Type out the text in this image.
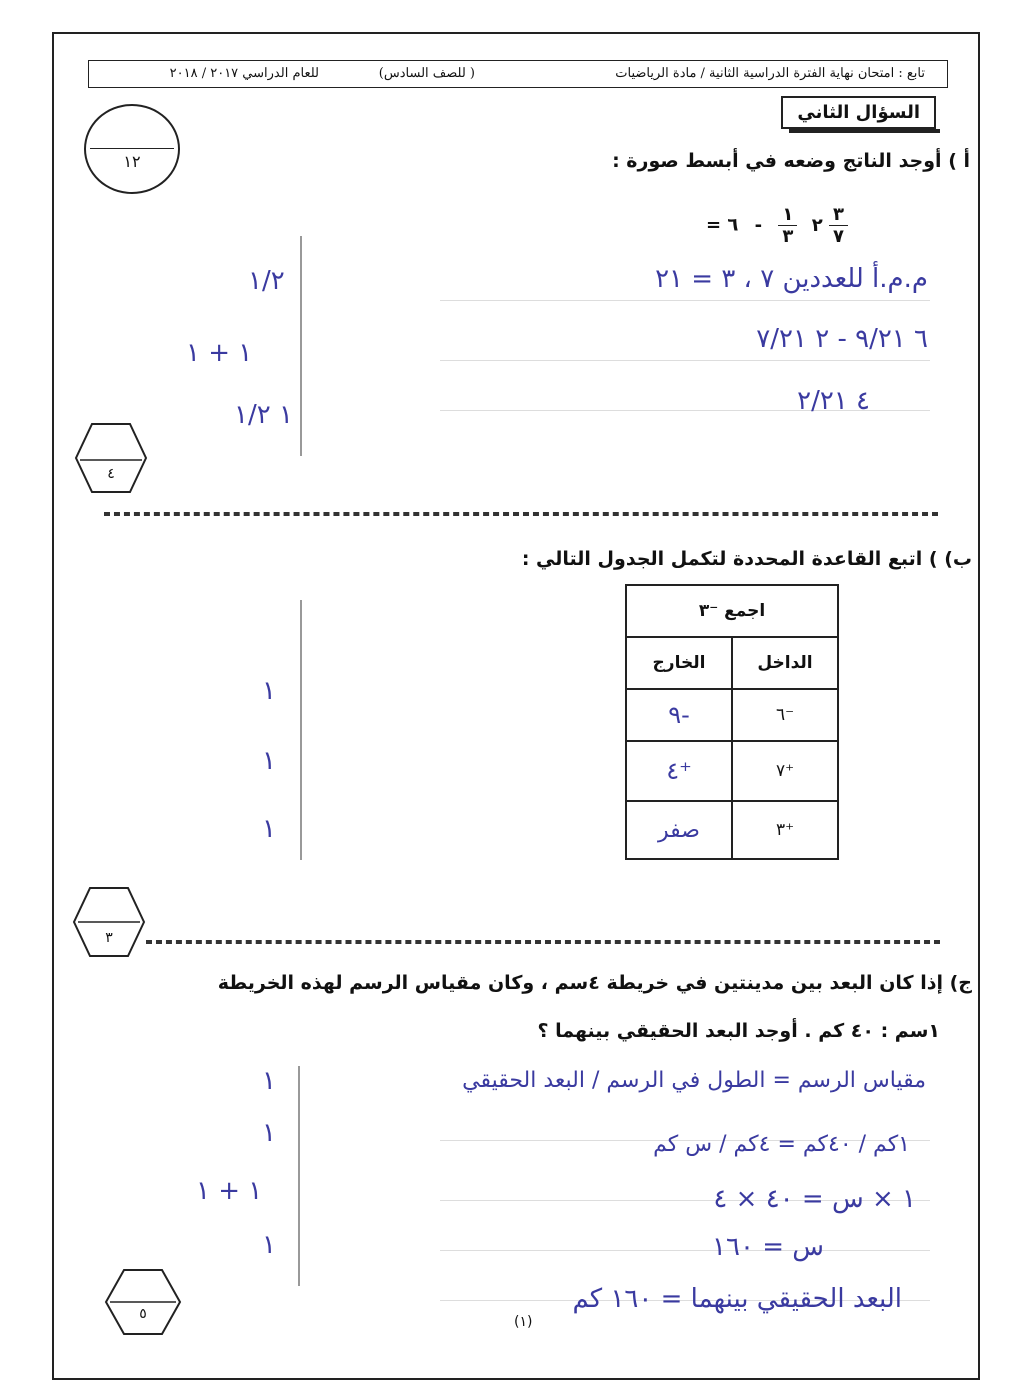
تابع : امتحان نهاية الفترة الدراسية الثانية / مادة الرياضيات
( للصف السادس)
للعام الدراسي ٢٠١٧ / ٢٠١٨
السؤال الثاني
١٢	أ ) أوجد الناتج وضعه في أبسط صورة :
=	٢
$\frac{١}{٣}$
- ٦	$\frac{٣}{٧}$
م.م.أ للعددين ٧ ، ٣ = ٢١
٦ ٩/٢١ - ٢ ٧/٢١
٤ ٢/٢١
١/٢
١ + ١
١ ١/٢
٤
ب) ) اتبع القاعدة المحددة لتكمل الجدول التالي :
اجمع ⁻٣	
الداخل	الخارج
⁻٦	-٩
⁺٧	⁺٤
⁺٣	صفر
١
١
١
٣
ج) إذا كان البعد بين مدينتين في خريطة ٤سم ، وكان مقياس الرسم لهذه الخريطة
١سم : ٤٠ كم . أوجد البعد الحقيقي بينهما ؟
مقياس الرسم = الطول في الرسم / البعد الحقيقي
١كم / ٤٠كم = ٤كم / س كم
١ × س = ٤٠ × ٤
س = ١٦٠
البعد الحقيقي بينهما = ١٦٠ كم
١
١
١ + ١
١
٥	(١)
